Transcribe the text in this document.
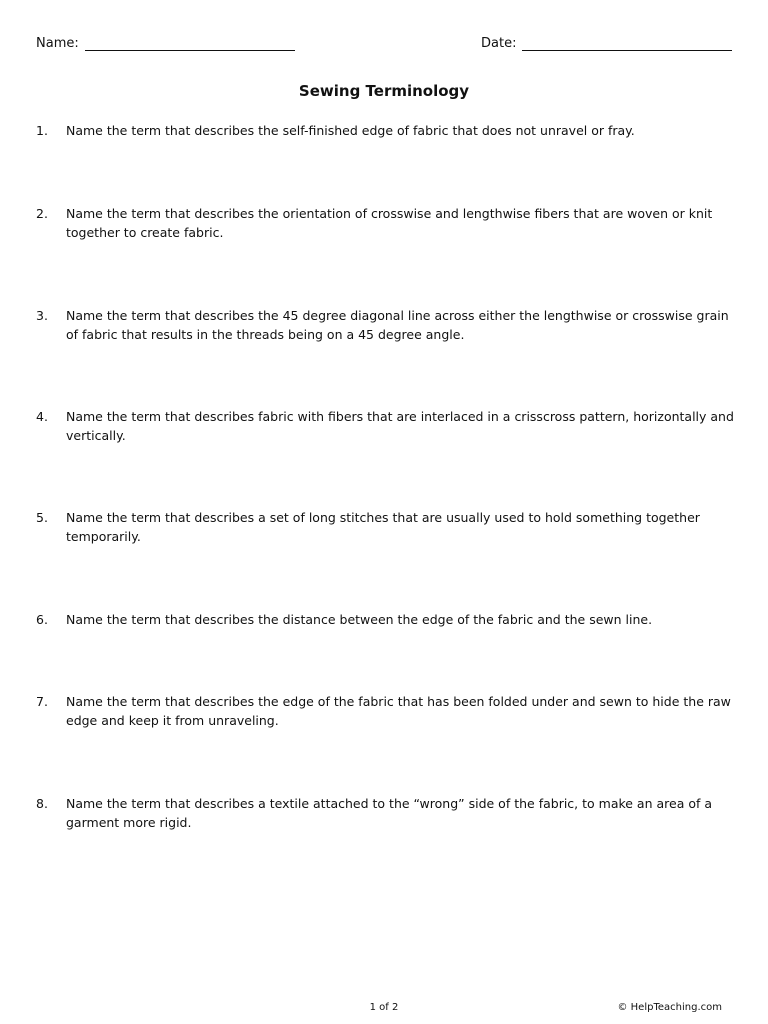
Name:	Date:
Sewing Terminology
1.	Name the term that describes the self-finished edge of fabric that does not unravel or fray.
2.	Name the term that describes the orientation of crosswise and lengthwise fibers that are woven or knit together to create fabric.
3.	Name the term that describes the 45 degree diagonal line across either the lengthwise or crosswise grain of fabric that results in the threads being on a 45 degree angle.
4.	Name the term that describes fabric with fibers that are interlaced in a crisscross pattern, horizontally and vertically.
5.	Name the term that describes a set of long stitches that are usually used to hold something together temporarily.
6.	Name the term that describes the distance between the edge of the fabric and the sewn line.
7.	Name the term that describes the edge of the fabric that has been folded under and sewn to hide the raw edge and keep it from unraveling.
8.	Name the term that describes a textile attached to the “wrong” side of the fabric, to make an area of a garment more rigid.
1 of 2	© HelpTeaching.com
